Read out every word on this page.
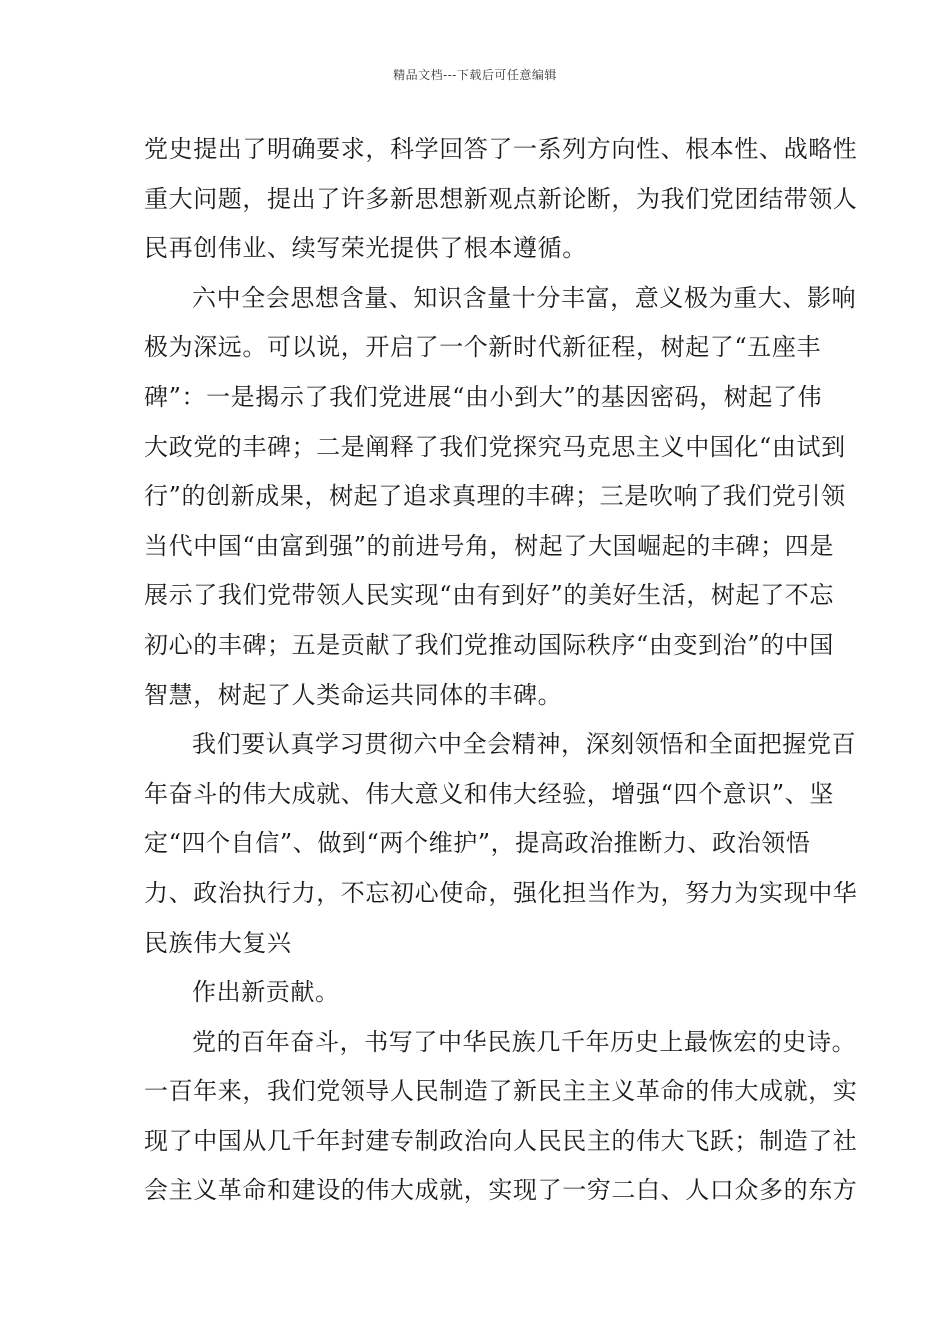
精品文档---下载后可任意编辑
党史提出了明确要求，科学回答了一系列方向性、根本性、战略性
重大问题，提出了许多新思想新观点新论断，为我们党团结带领人
民再创伟业、续写荣光提供了根本遵循。
六中全会思想含量、知识含量十分丰富，意义极为重大、影响
极为深远。可以说，开启了一个新时代新征程，树起了“五座丰
碑”：一是揭示了我们党进展“由小到大”的基因密码，树起了伟
大政党的丰碑；二是阐释了我们党探究马克思主义中国化“由试到
行”的创新成果，树起了追求真理的丰碑；三是吹响了我们党引领
当代中国“由富到强”的前进号角，树起了大国崛起的丰碑；四是
展示了我们党带领人民实现“由有到好”的美好生活，树起了不忘
初心的丰碑；五是贡献了我们党推动国际秩序“由变到治”的中国
智慧，树起了人类命运共同体的丰碑。
我们要认真学习贯彻六中全会精神，深刻领悟和全面把握党百
年奋斗的伟大成就、伟大意义和伟大经验，增强“四个意识”、坚
定“四个自信”、做到“两个维护”，提高政治推断力、政治领悟
力、政治执行力，不忘初心使命，强化担当作为，努力为实现中华
民族伟大复兴
作出新贡献。
党的百年奋斗，书写了中华民族几千年历史上最恢宏的史诗。
一百年来，我们党领导人民制造了新民主主义革命的伟大成就，实
现了中国从几千年封建专制政治向人民民主的伟大飞跃；制造了社
会主义革命和建设的伟大成就，实现了一穷二白、人口众多的东方
